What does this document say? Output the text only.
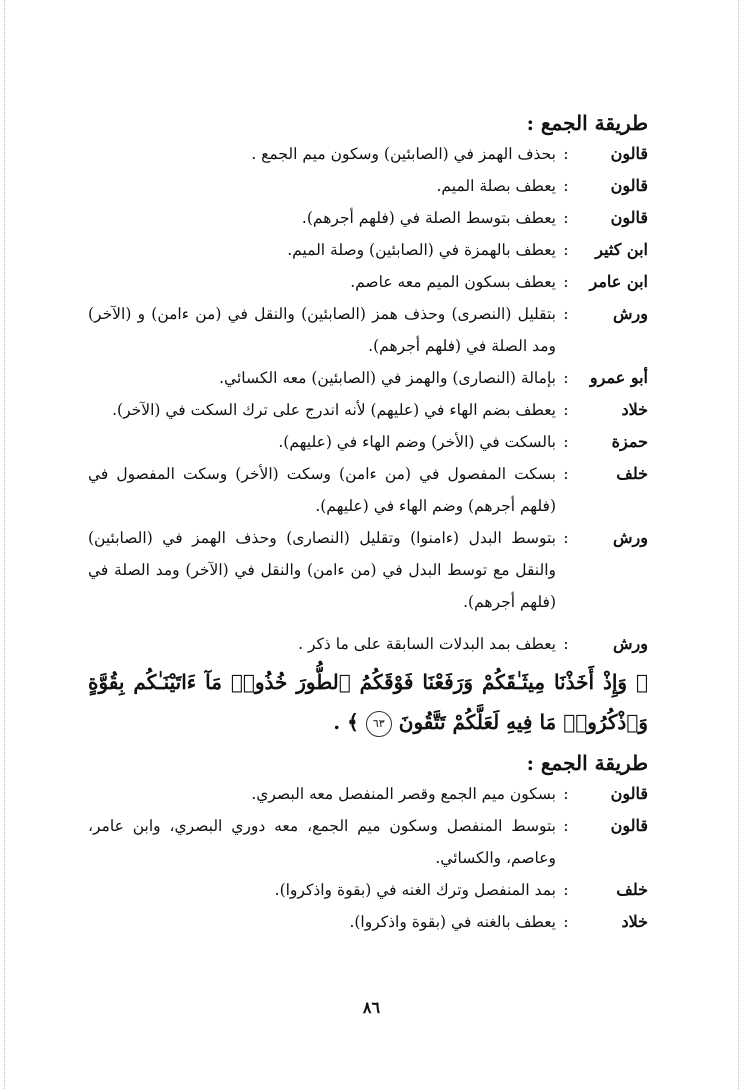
طريقة الجمع :
قالون
:
بحذف الهمز في (الصابئين) وسكون ميم الجمع .
قالون
:
يعطف بصلة الميم.
قالون
:
يعطف بتوسط الصلة في (فلهم أجرهم).
ابن كثير
:
يعطف بالهمزة في (الصابئين) وصلة الميم.
ابن عامر
:
يعطف بسكون الميم معه عاصم.
ورش
:
بتقليل (النصرى) وحذف همز (الصابئين) والنقل في (من ءامن) و (الآخر) ومد الصلة في (فلهم أجرهم).
أبو عمرو
:
بإمالة (النصارى) والهمز في (الصابئين) معه الكسائي.
خلاد
:
يعطف بضم الهاء في (عليهم) لأنه اندرج على ترك السكت في (الآخر).
حمزة
:
بالسكت في (الأخر) وضم الهاء في (عليهم).
خلف
:
بسكت المفصول في (من ءامن) وسكت (الأخر) وسكت المفصول في (فلهم أجرهم) وضم الهاء في (عليهم).
ورش
:
بتوسط البدل (ءامنوا) وتقليل (النصارى) وحذف الهمز في (الصابئين) والنقل مع توسط البدل في (من ءامن) والنقل في (الآخر) ومد الصلة في (فلهم أجرهم).
ورش
:
يعطف بمد البدلات السابقة على ما ذكر .
﴿ وَإِذْ أَخَذْنَا مِيثَـٰقَكُمْ وَرَفَعْنَا فَوْقَكُمُ ٱلطُّورَ خُذُوا۟ مَآ ءَاتَيْنَـٰكُم بِقُوَّةٍ وَٱذْكُرُوا۟ مَا فِيهِ لَعَلَّكُمْ تَتَّقُونَ ٦٣ ﴾ .
طريقة الجمع :
قالون
:
بسكون ميم الجمع وقصر المنفصل معه البصري.
قالون
:
بتوسط المنفصل وسكون ميم الجمع، معه دوري البصري، وابن عامر، وعاصم، والكسائي.
خلف
:
بمد المنفصل وترك الغنه في (بقوة واذكروا).
خلاد
:
يعطف بالغنه في (بقوة واذكروا).
٨٦
